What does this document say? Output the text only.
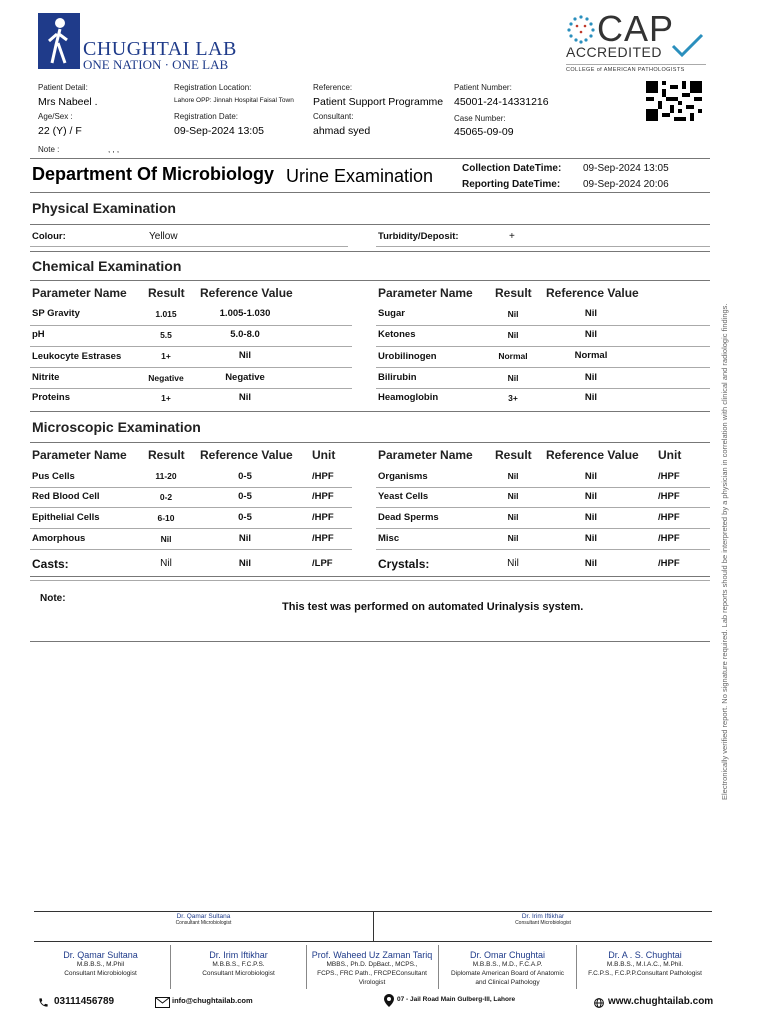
CHUGHTAI LAB
ONE NATION · ONE LAB
CAP
ACCREDITED
COLLEGE of AMERICAN PATHOLOGISTS
Patient Detail:
Mrs Nabeel .
Age/Sex :
22 (Y) / F
Note :	, , ,
Registration Location:
Lahore OPP: Jinnah Hospital Faisal Town
Registration Date:
09-Sep-2024 13:05
Reference:
Patient Support Programme
Consultant:
ahmad syed
Patient Number:
45001-24-14331216
Case Number:
45065-09-09
Department Of Microbiology Urine Examination	Collection DateTime: 09-Sep-2024 13:05
Reporting DateTime: 09-Sep-2024 20:06
Physical Examination
Colour:	Yellow	Turbidity/Deposit:	+
Chemical Examination
Parameter Name Result Reference Value	Parameter Name Result Reference Value
SP Gravity	1.015	1.005-1.030
pH	5.5	5.0-8.0
Leukocyte Estrases	1+	Nil
Nitrite	Negative	Negative
Proteins	1+	Nil
Sugar	Nil	Nil
Ketones	Nil	Nil
Urobilinogen	Normal	Normal
Bilirubin	Nil	Nil
Heamoglobin	3+	Nil
Microscopic Examination
Parameter Name Result Reference Value Unit	Parameter Name Result Reference Value Unit
Pus Cells	11-20	0-5	/HPF
Red Blood Cell	0-2	0-5	/HPF
Epithelial Cells	6-10	0-5	/HPF
Amorphous	Nil	Nil	/HPF
Casts:	Nil	Nil	/LPF
Organisms	Nil	Nil	/HPF
Yeast Cells	Nil	Nil	/HPF
Dead Sperms	Nil	Nil	/HPF
Misc	Nil	Nil	/HPF
Crystals:	Nil	Nil	/HPF
Note:
This test was performed on automated Urinalysis system.	Electronically verified report. No signature required. Lab reports should be interpreted by a physician in correlation with clinical and radiologic findings.
Dr. Qamar Sultana
Consultant Microbiologist
Dr. Irim Iftikhar
Consultant Microbiologist
Dr. Qamar Sultana
M.B.B.S., M.Phil
Consultant Microbiologist
Dr. Irim Iftikhar
M.B.B.S., F.C.P.S.
Consultant Microbiologist
Prof. Waheed Uz Zaman Tariq
MBBS., Ph.D. DpBact., MCPS.,
FCPS., FRC Path., FRCPEConsultant
Virologist
Dr. Omar Chughtai
M.B.B.S., M.D., F.C.A.P.
Diplomate American Board of Anatomic
and Clinical Pathology
Dr. A . S. Chughtai
M.B.B.S., M.I.A.C., M.Phil.
F.C.P.S., F.C.P.P.Consultant Pathologist
03111456789	info@chughtailab.com	07 - Jail Road Main Gulberg-III, Lahore	www.chughtailab.com
